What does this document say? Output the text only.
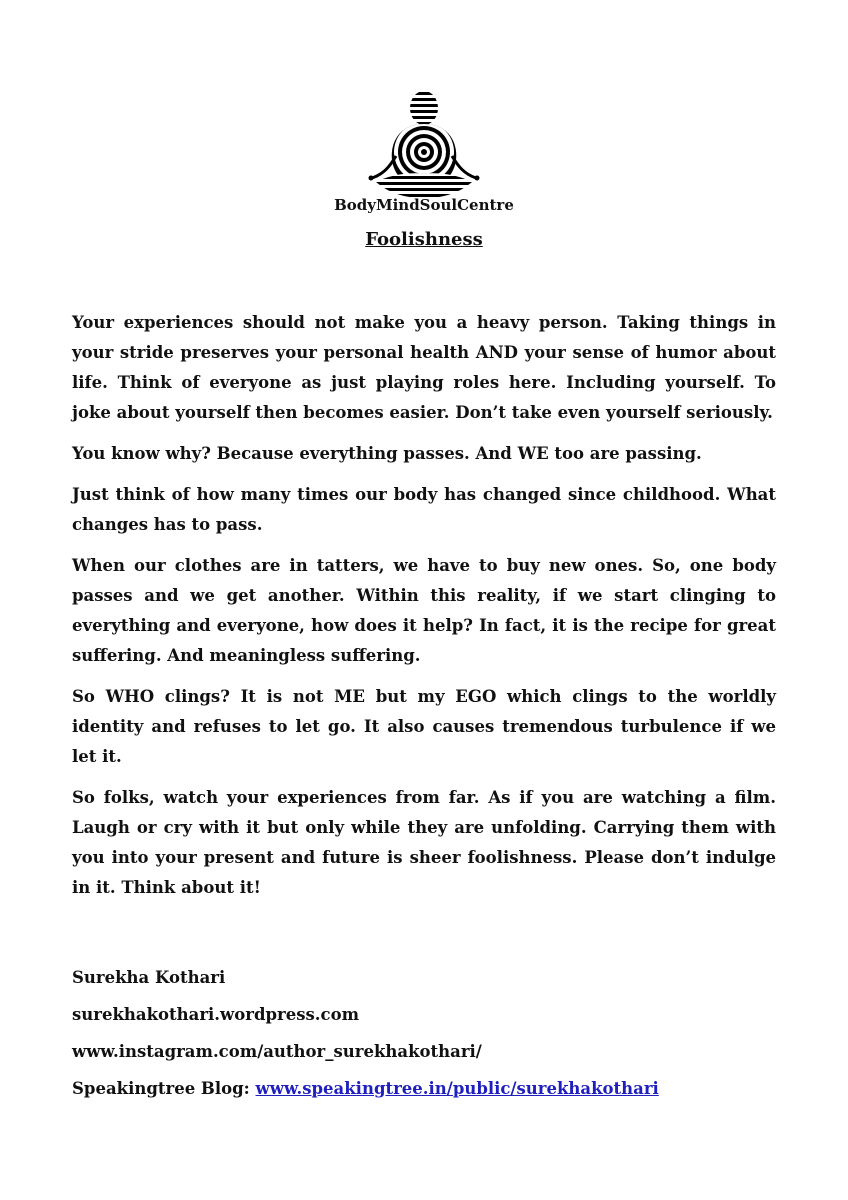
BodyMindSoulCentre
Foolishness

Your experiences should not make you a heavy person. Taking things in your stride preserves your personal health AND your sense of humor about life. Think of everyone as just playing roles here. Including yourself. To joke about yourself then becomes easier. Don’t take even yourself seriously.

You know why? Because everything passes. And WE too are passing.

Just think of how many times our body has changed since childhood. What changes has to pass.

When our clothes are in tatters, we have to buy new ones. So, one body passes and we get another. Within this reality, if we start clinging to everything and everyone, how does it help? In fact, it is the recipe for great suffering. And meaningless suffering.

So WHO clings? It is not ME but my EGO which clings to the worldly identity and refuses to let go. It also causes tremendous turbulence if we let it.

So folks, watch your experiences from far. As if you are watching a film. Laugh or cry with it but only while they are unfolding. Carrying them with you into your present and future is sheer foolishness. Please don’t indulge in it. Think about it!

Surekha Kothari
surekhakothari.wordpress.com
www.instagram.com/author_surekhakothari/
Speakingtree Blog: www.speakingtree.in/public/surekhakothari
